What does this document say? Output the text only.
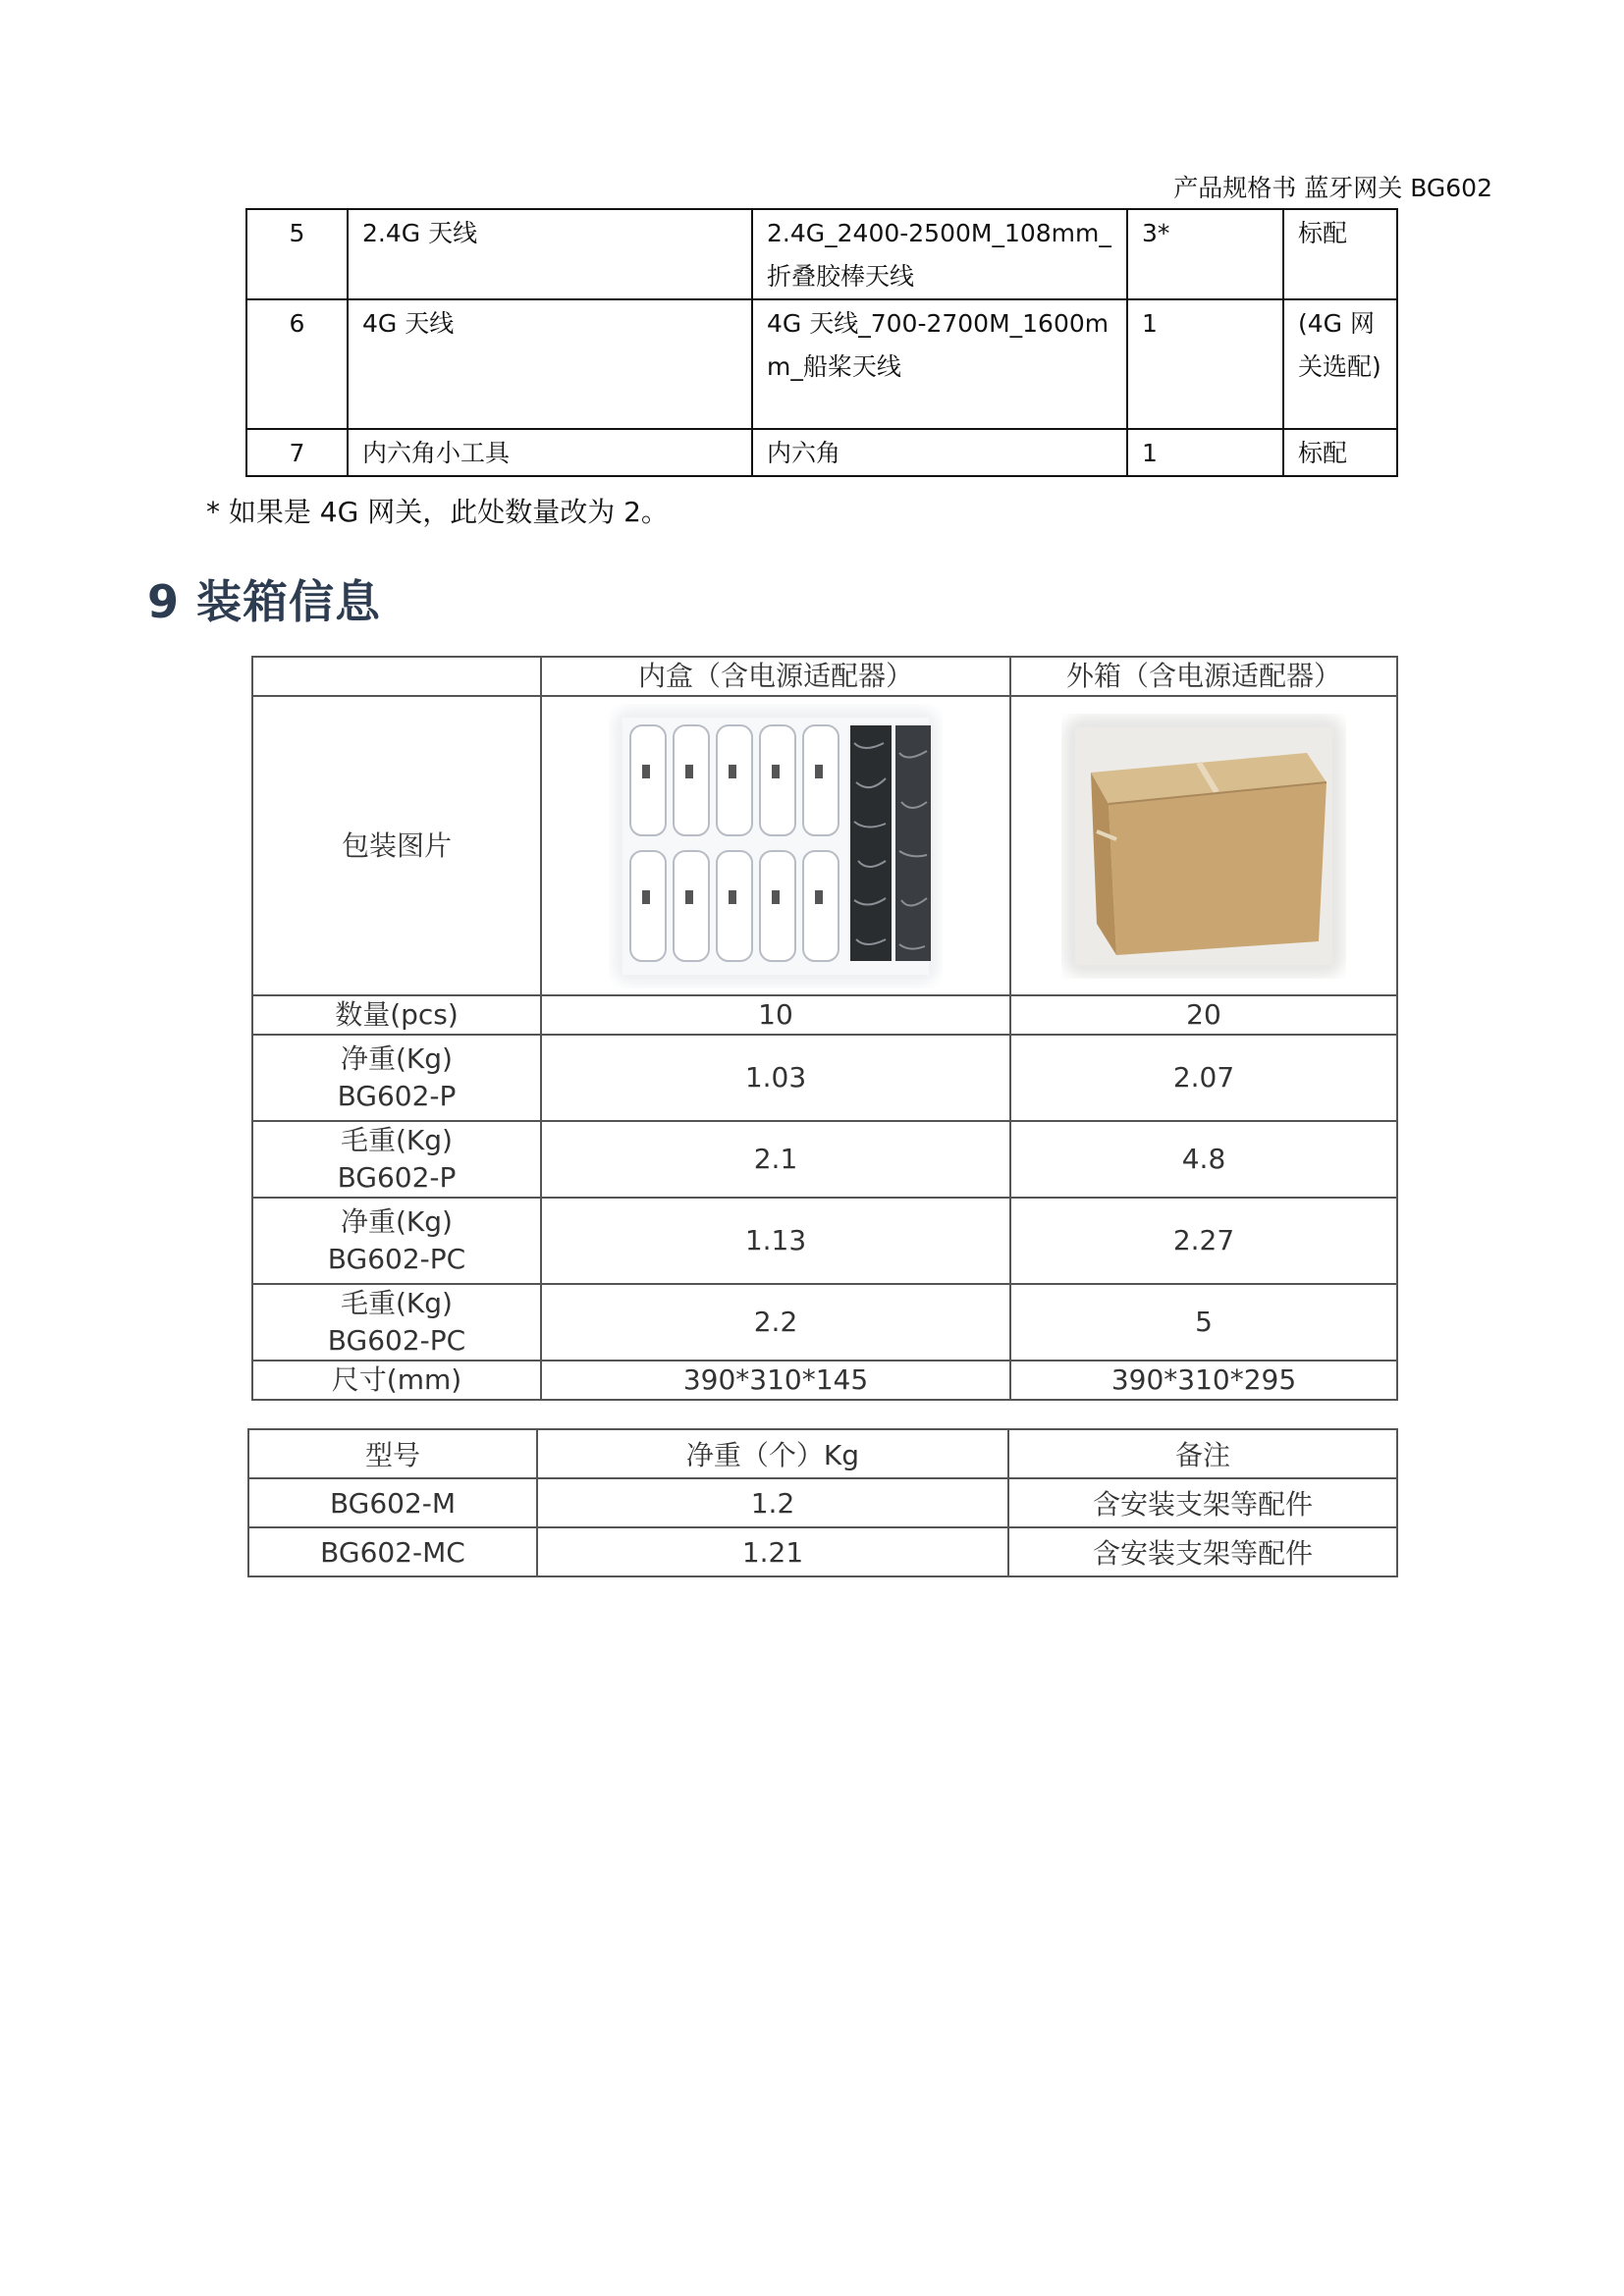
产品规格书 蓝牙网关 BG602
5	2.4G 天线	2.4G_2400-2500M_108mm_折叠胶棒天线	3*	标配
6	4G 天线	4G 天线_700-2700M_1600mm_船桨天线	1	(4G 网关选配)
7	内六角小工具	内六角	1	标配
* 如果是 4G 网关，此处数量改为 2。
9 装箱信息
	内盒（含电源适配器）	外箱（含电源适配器）
包装图片	

数量(pcs)	10	20
净重(Kg)
BG602-P	1.03	2.07
毛重(Kg)
BG602-P	2.1	4.8
净重(Kg)
BG602-PC	1.13	2.27
毛重(Kg)
BG602-PC	2.2	5
尺寸(mm)	390*310*145	390*310*295
型号	净重（个）Kg	备注
BG602-M	1.2	含安装支架等配件
BG602-MC	1.21	含安装支架等配件
